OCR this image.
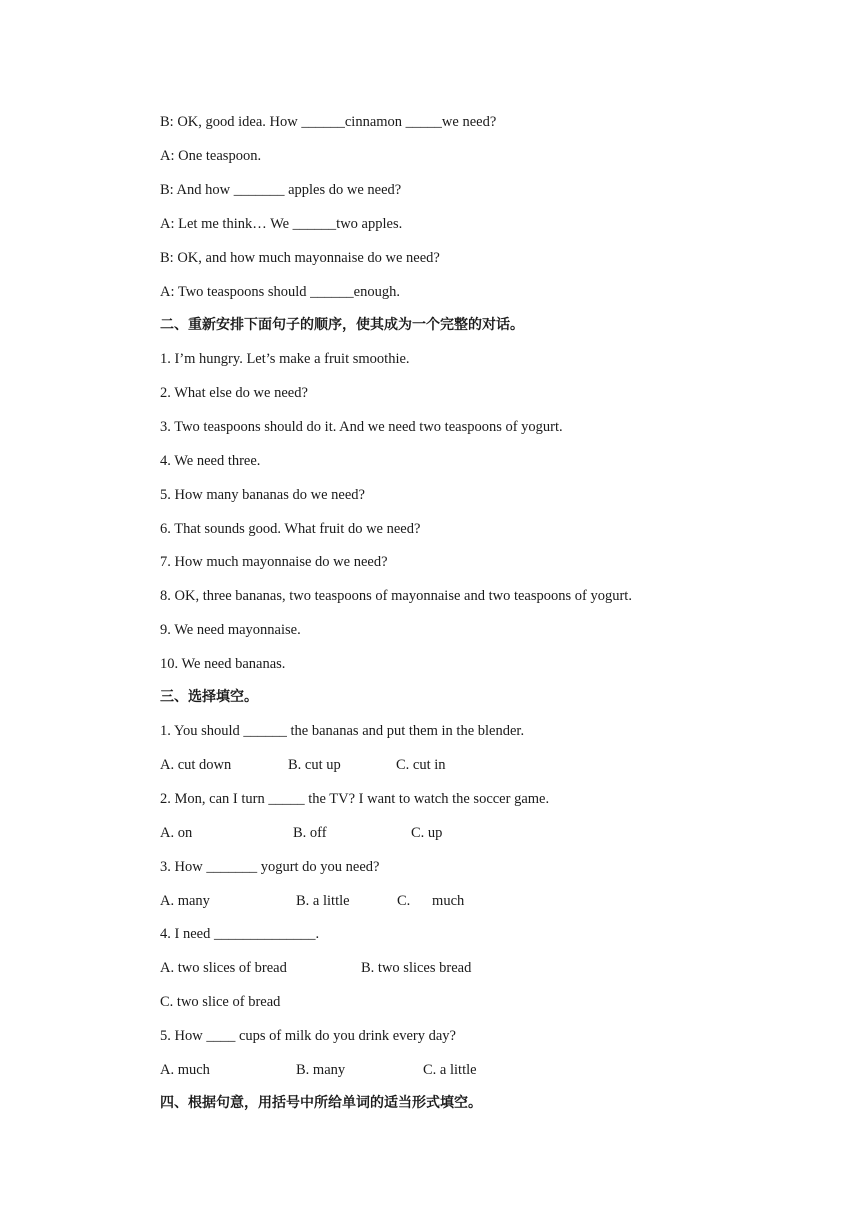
B: OK, good idea. How ______cinnamon _____we need?
A: One teaspoon.
B: And how _______ apples do we need?
A: Let me think… We ______two apples.
B: OK, and how much mayonnaise do we need?
A: Two teaspoons should ______enough.
二、重新安排下面句子的顺序，使其成为一个完整的对话。
1. I’m hungry. Let’s make a fruit smoothie.
2. What else do we need?
3. Two teaspoons should do it. And we need two teaspoons of yogurt.
4. We need three.
5. How many bananas do we need?
6. That sounds good. What fruit do we need?
7. How much mayonnaise do we need?
8. OK, three bananas, two teaspoons of mayonnaise and two teaspoons of yogurt.
9. We need mayonnaise.
10. We need bananas.
三、选择填空。
1. You should ______ the bananas and put them in the blender.

A. cut down

	B. cut up

	C. cut in

2. Mon, can I turn _____ the TV? I want to watch the soccer game.

A. on

	B. off

	C. up

3. How _______ yogurt do you need?

A. many

	B. a little

	C.      much

4. I need ______________.

A. two slices of bread

	B. two slices bread

C. two slice of bread
5. How ____ cups of milk do you drink every day?

A. much

	B. many

	C. a little

四、根据句意，用括号中所给单词的适当形式填空。
